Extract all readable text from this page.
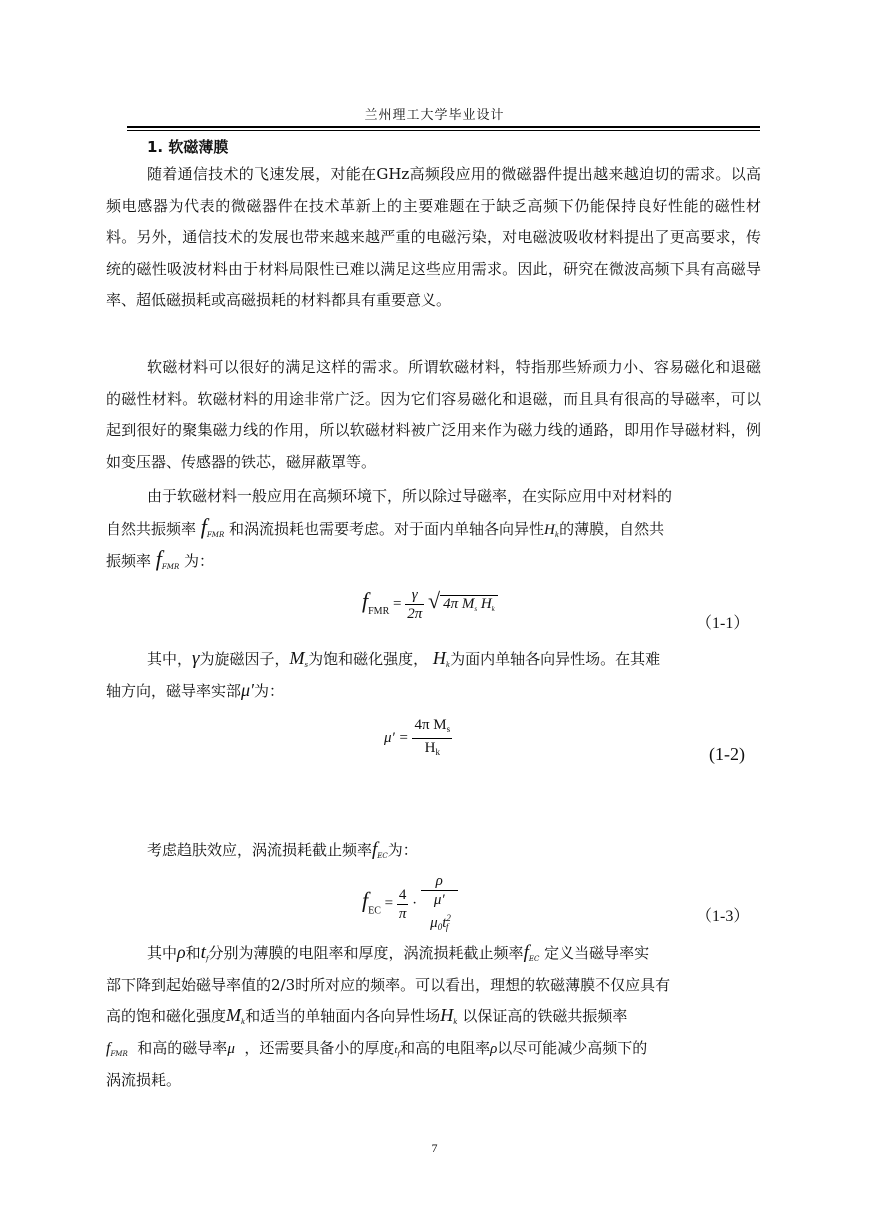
兰州理工大学毕业设计
1. 软磁薄膜

随着通信技术的飞速发展，对能在GHz高频段应用的微磁器件提出越来越迫切的需求。以高频电感器为代表的微磁器件在技术革新上的主要难题在于缺乏高频下仍能保持良好性能的磁性材料。另外，通信技术的发展也带来越来越严重的电磁污染，对电磁波吸收材料提出了更高要求，传统的磁性吸波材料由于材料局限性已难以满足这些应用需求。因此，研究在微波高频下具有高磁导率、超低磁损耗或高磁损耗的材料都具有重要意义。

软磁材料可以很好的满足这样的需求。所谓软磁材料，特指那些矫顽力小、容易磁化和退磁的磁性材料。软磁材料的用途非常广泛。因为它们容易磁化和退磁，而且具有很高的导磁率，可以起到很好的聚集磁力线的作用，所以软磁材料被广泛用来作为磁力线的通路，即用作导磁材料，例如变压器、传感器的铁芯，磁屏蔽罩等。

由于软磁材料一般应用在高频环境下，所以除过导磁率，在实际应用中对材料的
自然共振频率 $f_{FMR}$ 和涡流损耗也需要考虑。对于面内单轴各向异性$H_k$的薄膜，自然共
振频率 $f_{FMR}$ 为：
$f_{FMR} = \frac{\gamma}{2\pi}$ √ 4π $M_s$ $H_k$
（1-1）
其中，γ为旋磁因子，$M_s$为饱和磁化强度， $H_k$为面内单轴各向异性场。在其难
轴方向，磁导率实部μ′为：
$\mu' = \frac{4\pi M_s}{H_k}$	(1-2)
考虑趋肤效应，涡流损耗截止频率$f_{EC}$为：
$f_{EC} = \frac{4}{\pi} \cdot \frac{\rho}{\mu' \mu_0t^2_f}$	（1-3）
其中ρ和$t_f$分别为薄膜的电阻率和厚度，涡流损耗截止频率$f_{EC}$ 定义当磁导率实
部下降到起始磁导率值的2/3时所对应的频率。可以看出，理想的软磁薄膜不仅应具有
高的饱和磁化强度$M_k$和适当的单轴面内各向异性场$H_k$ 以保证高的铁磁共振频率
$f_{FMR}$ 和高的磁导率μ ，还需要具备小的厚度$t_f$和高的电阻率ρ以尽可能减少高频下的
涡流损耗。
7
